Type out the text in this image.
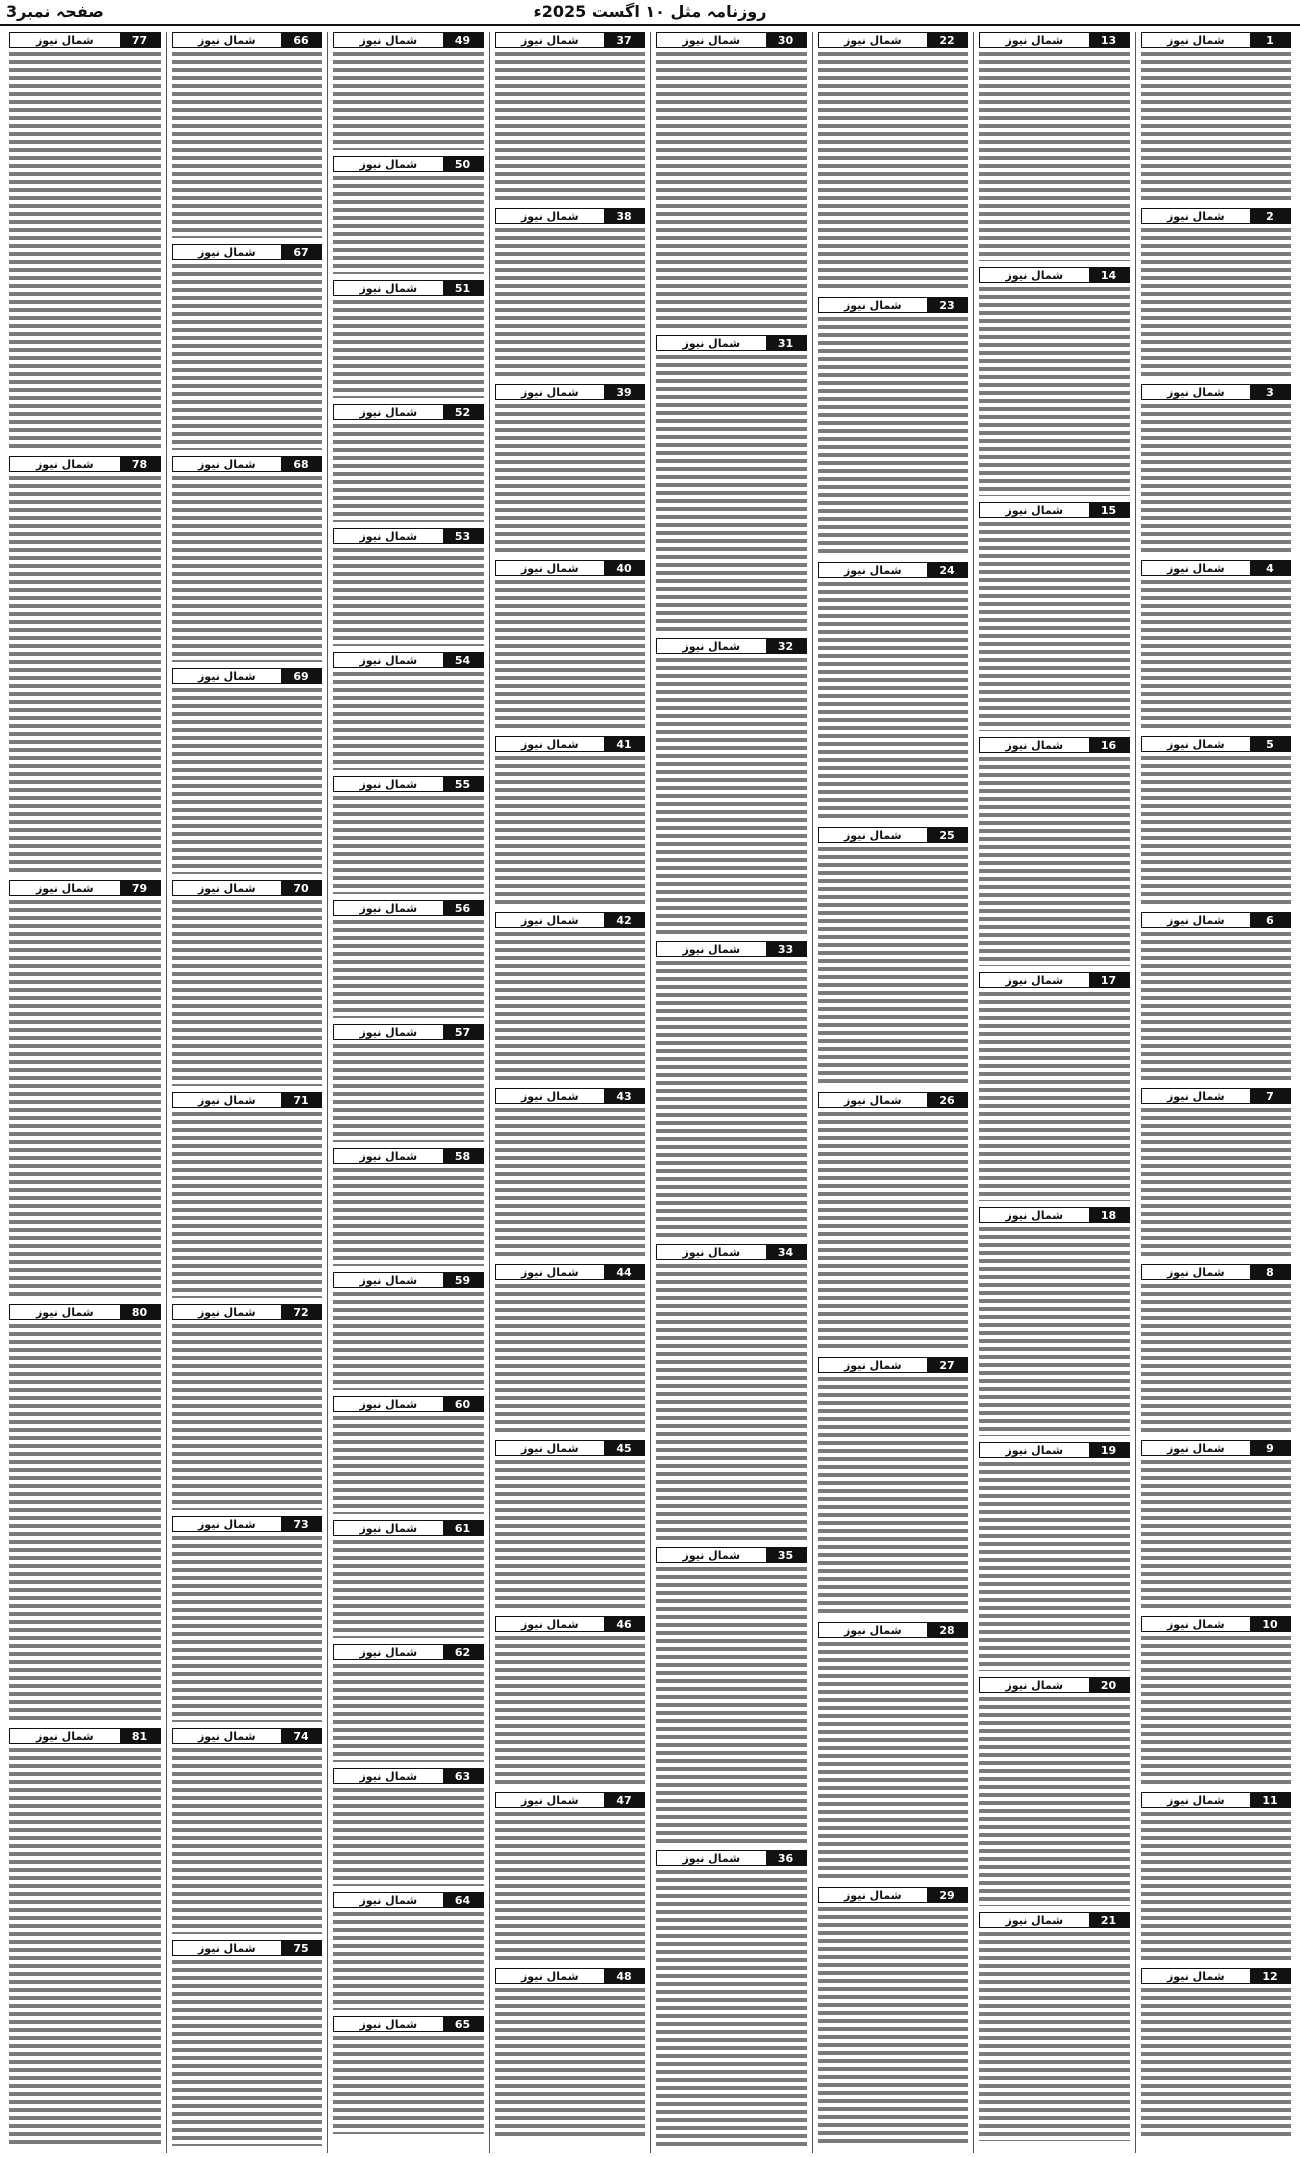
صفحہ نمبر3	روزنامہ مثل ۱۰ اگست 2025ء
1
شمال نیوز
2
شمال نیوز
3
شمال نیوز
4
شمال نیوز
5
شمال نیوز
6
شمال نیوز
7
شمال نیوز
8
شمال نیوز
9
شمال نیوز
10
شمال نیوز
11
شمال نیوز
12
شمال نیوز
13
شمال نیوز
14
شمال نیوز
15
شمال نیوز
16
شمال نیوز
17
شمال نیوز
18
شمال نیوز
19
شمال نیوز
20
شمال نیوز
21
شمال نیوز
22
شمال نیوز
23
شمال نیوز
24
شمال نیوز
25
شمال نیوز
26
شمال نیوز
27
شمال نیوز
28
شمال نیوز
29
شمال نیوز
30
شمال نیوز
31
شمال نیوز
32
شمال نیوز
33
شمال نیوز
34
شمال نیوز
35
شمال نیوز
36
شمال نیوز
37
شمال نیوز
38
شمال نیوز
39
شمال نیوز
40
شمال نیوز
41
شمال نیوز
42
شمال نیوز
43
شمال نیوز
44
شمال نیوز
45
شمال نیوز
46
شمال نیوز
47
شمال نیوز
48
شمال نیوز
49
شمال نیوز
50
شمال نیوز
51
شمال نیوز
52
شمال نیوز
53
شمال نیوز
54
شمال نیوز
55
شمال نیوز
56
شمال نیوز
57
شمال نیوز
58
شمال نیوز
59
شمال نیوز
60
شمال نیوز
61
شمال نیوز
62
شمال نیوز
63
شمال نیوز
64
شمال نیوز
65
شمال نیوز
66
شمال نیوز
67
شمال نیوز
68
شمال نیوز
69
شمال نیوز
70
شمال نیوز
71
شمال نیوز
72
شمال نیوز
73
شمال نیوز
74
شمال نیوز
75
شمال نیوز
77
شمال نیوز
78
شمال نیوز
79
شمال نیوز
80
شمال نیوز
81
شمال نیوز
